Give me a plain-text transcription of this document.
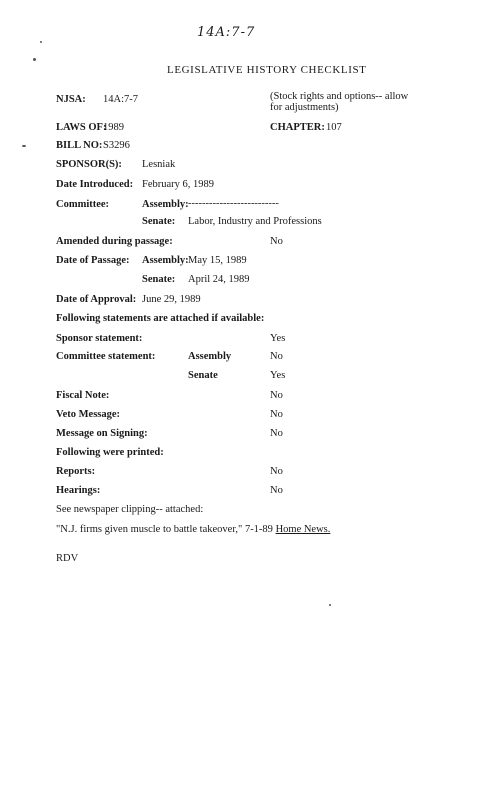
14A:7-7
LEGISLATIVE HISTORY CHECKLIST
NJSA: 14A:7-7	(Stock rights and options-- allow
for adjustments)
LAWS OF:
1989	CHAPTER: 107
BILL NO: S3296
SPONSOR(S): Lesniak
Date Introduced: February 6, 1989
Committee:	Assembly: --------------------------
Senate: Labor, Industry and Professions
Amended during passage:	No
Date of Passage: Assembly: May 15, 1989
Senate: April 24, 1989
Date of Approval: June 29, 1989
Following statements are attached if available:
Sponsor statement:	Yes
Committee statement:	Assembly	No
Senate	Yes
Fiscal Note:	No
Veto Message:	No
Message on Signing:	No
Following were printed:
Reports:	No
Hearings:	No
See newspaper clipping-- attached:
"N.J. firms given muscle to battle takeover," 7-1-89 Home News.
RDV
